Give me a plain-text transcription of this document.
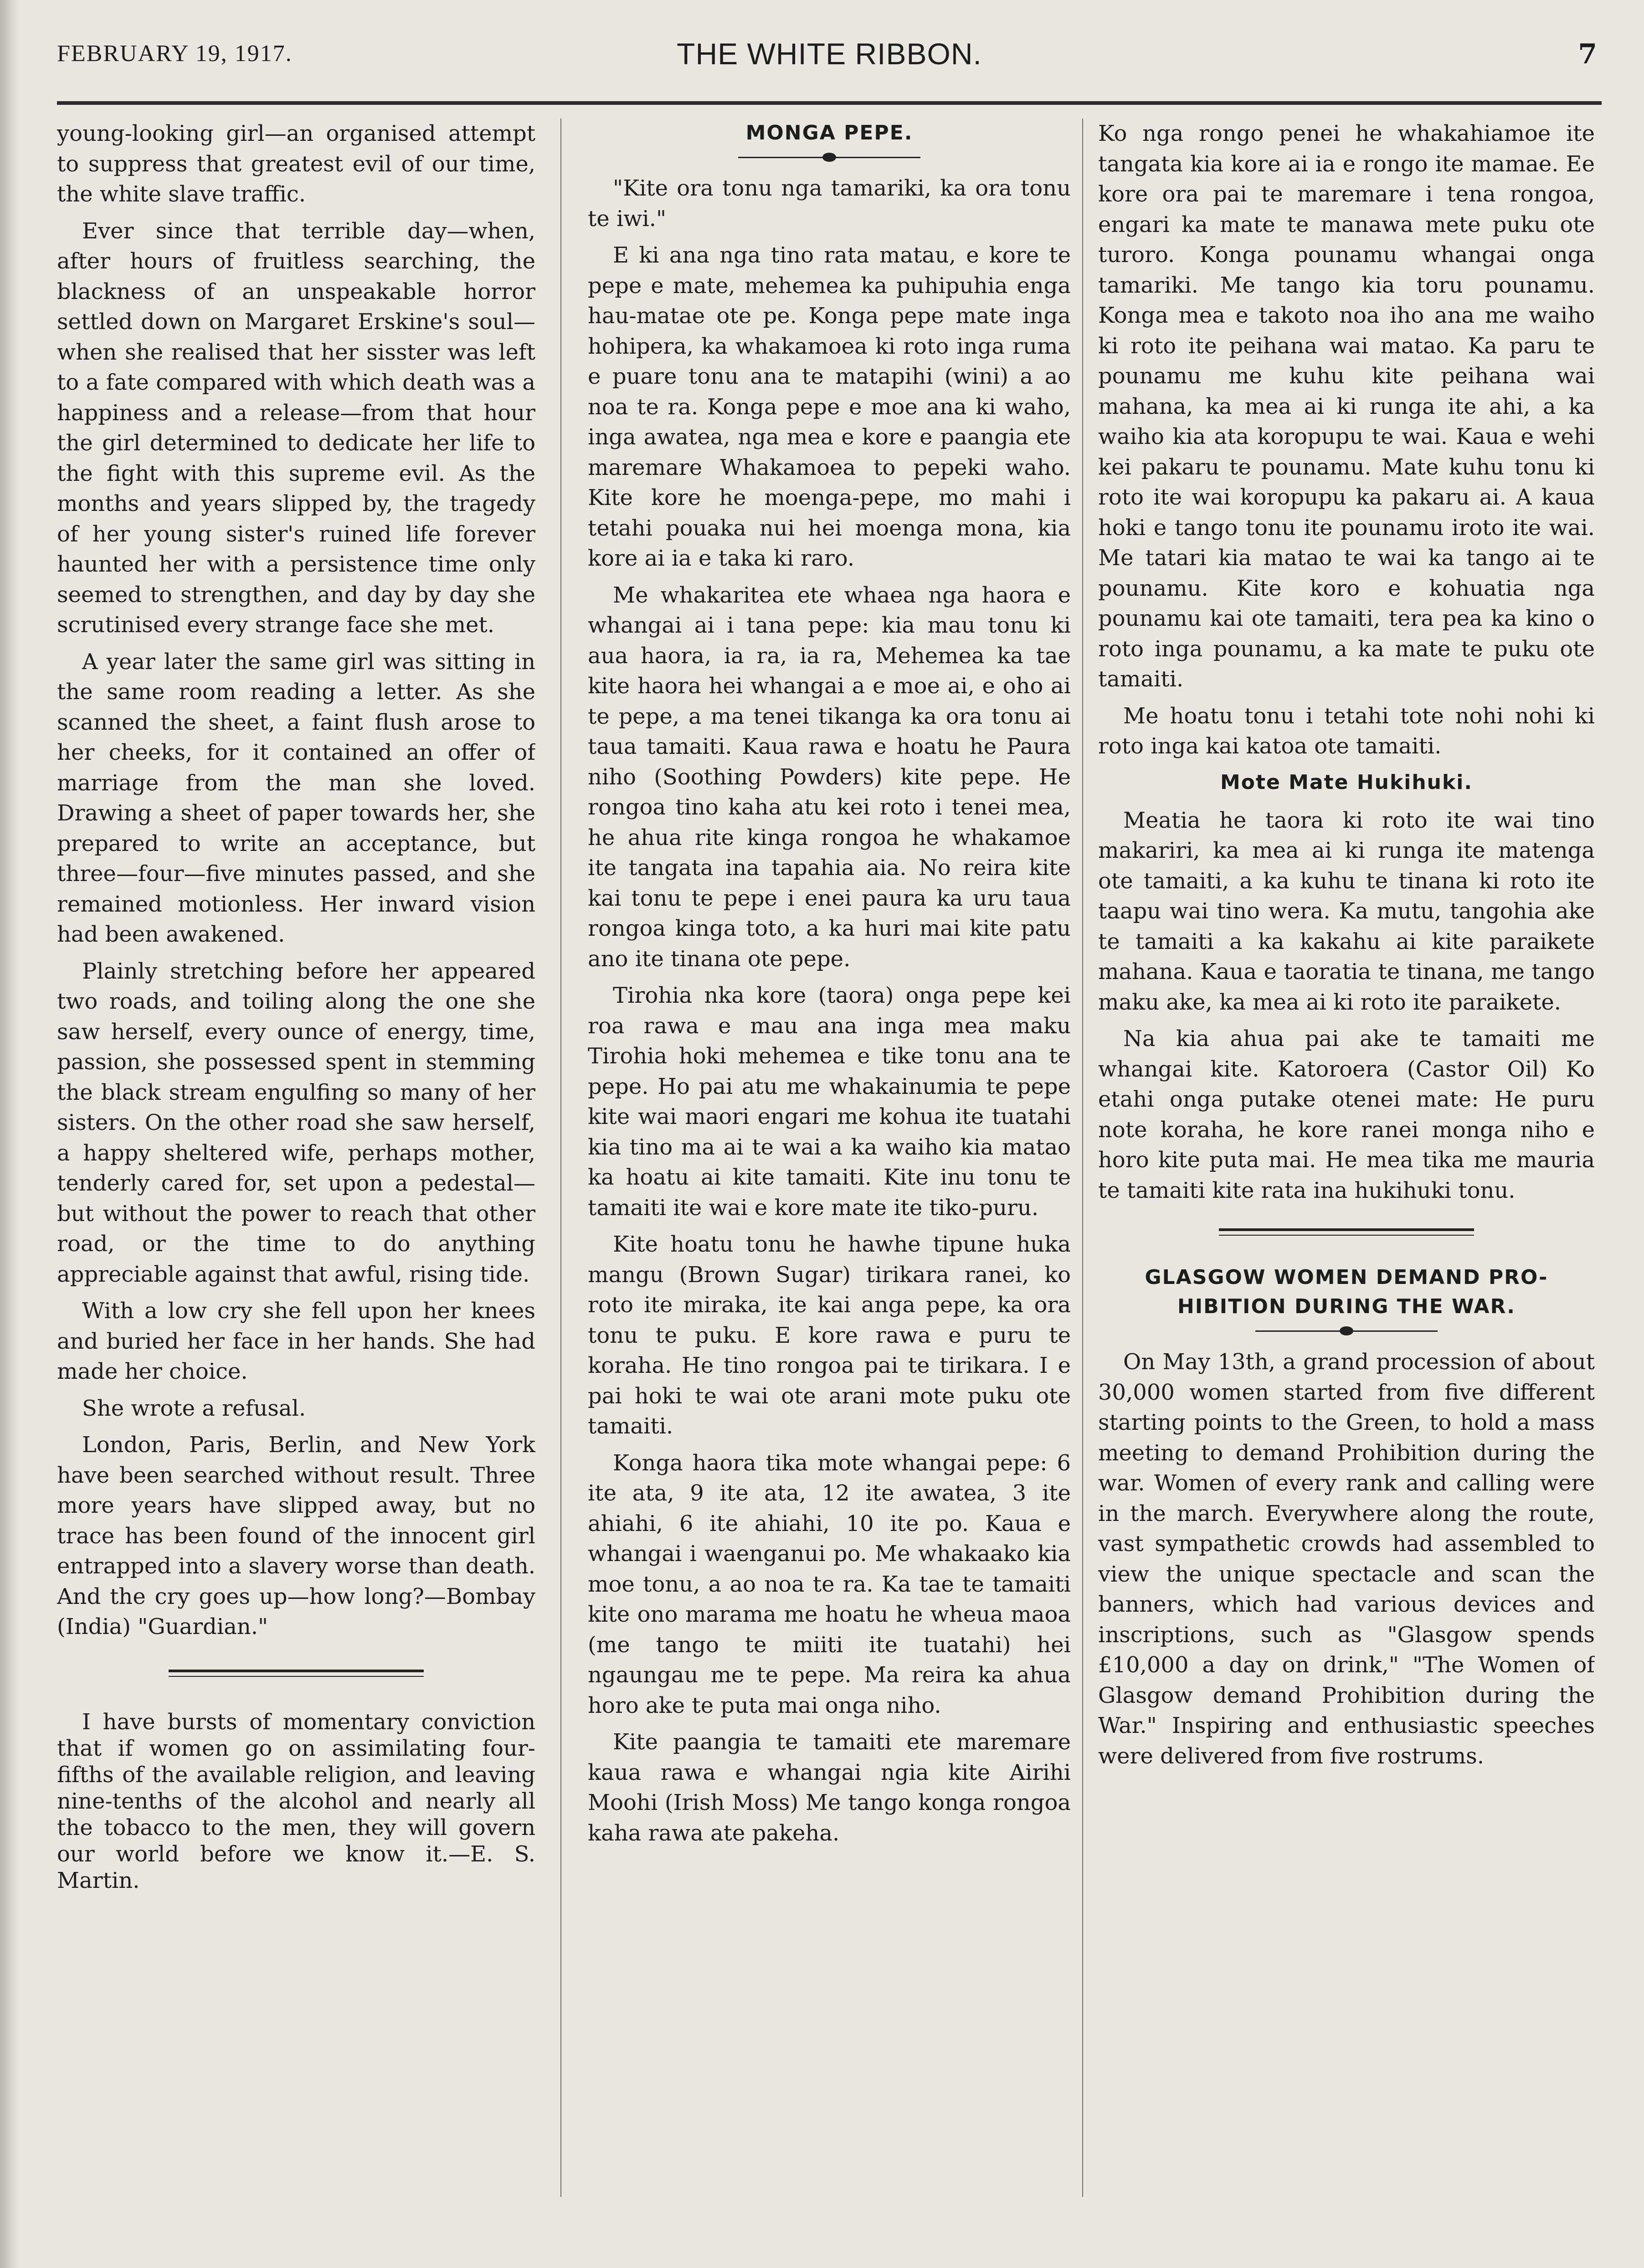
FEBRUARY 19, 1917.	THE WHITE RIBBON.	7

young-looking girl—an organised attempt to suppress that greatest evil of our time, the white slave traffic.

Ever since that terrible day—when, after hours of fruitless searching, the blackness of an unspeakable horror settled down on Margaret Erskine's soul—when she realised that her sisster was left to a fate compared with which death was a happiness and a release—from that hour the girl determined to dedicate her life to the fight with this supreme evil. As the months and years slipped by, the tragedy of her young sister's ruined life forever haunted her with a persistence time only seemed to strengthen, and day by day she scrutinised every strange face she met.

A year later the same girl was sitting in the same room reading a letter. As she scanned the sheet, a faint flush arose to her cheeks, for it contained an offer of marriage from the man she loved. Drawing a sheet of paper towards her, she prepared to write an acceptance, but three—four—five minutes passed, and she remained motionless. Her inward vision had been awakened.

Plainly stretching before her appeared two roads, and toiling along the one she saw herself, every ounce of energy, time, passion, she possessed spent in stemming the black stream engulfing so many of her sisters. On the other road she saw herself, a happy sheltered wife, perhaps mother, tenderly cared for, set upon a pedestal—but without the power to reach that other road, or the time to do anything appreciable against that awful, rising tide.

With a low cry she fell upon her knees and buried her face in her hands. She had made her choice.

She wrote a refusal.

London, Paris, Berlin, and New York have been searched without result. Three more years have slipped away, but no trace has been found of the innocent girl entrapped into a slavery worse than death. And the cry goes up—how long?—Bombay (India) "Guardian."

I have bursts of momentary conviction that if women go on assimilating four-fifths of the available religion, and leaving nine-tenths of the alcohol and nearly all the tobacco to the men, they will govern our world before we know it.—E. S. Martin.

MONGA PEPE.

"Kite ora tonu nga tamariki, ka ora tonu te iwi."

E ki ana nga tino rata matau, e kore te pepe e mate, mehemea ka puhipuhia enga hau-matae ote pe. Konga pepe mate inga hohipera, ka whakamoea ki roto inga ruma e puare tonu ana te matapihi (wini) a ao noa te ra. Konga pepe e moe ana ki waho, inga awatea, nga mea e kore e paangia ete maremare Whakamoea to pepeki waho. Kite kore he moenga-pepe, mo mahi i tetahi pouaka nui hei moenga mona, kia kore ai ia e taka ki raro.

Me whakaritea ete whaea nga haora e whangai ai i tana pepe: kia mau tonu ki aua haora, ia ra, ia ra, Mehemea ka tae kite haora hei whangai a e moe ai, e oho ai te pepe, a ma tenei tikanga ka ora tonu ai taua tamaiti. Kaua rawa e hoatu he Paura niho (Soothing Powders) kite pepe. He rongoa tino kaha atu kei roto i tenei mea, he ahua rite kinga rongoa he whakamoe ite tangata ina tapahia aia. No reira kite kai tonu te pepe i enei paura ka uru taua rongoa kinga toto, a ka huri mai kite patu ano ite tinana ote pepe.

Tirohia nka kore (taora) onga pepe kei roa rawa e mau ana inga mea maku Tirohia hoki mehemea e tike tonu ana te pepe. Ho pai atu me whakainumia te pepe kite wai maori engari me kohua ite tuatahi kia tino ma ai te wai a ka waiho kia matao ka hoatu ai kite tamaiti. Kite inu tonu te tamaiti ite wai e kore mate ite tiko-puru.

Kite hoatu tonu he hawhe tipune huka mangu (Brown Sugar) tirikara ranei, ko roto ite miraka, ite kai anga pepe, ka ora tonu te puku. E kore rawa e puru te koraha. He tino rongoa pai te tirikara. I e pai hoki te wai ote arani mote puku ote tamaiti.

Konga haora tika mote whangai pepe: 6 ite ata, 9 ite ata, 12 ite awatea, 3 ite ahiahi, 6 ite ahiahi, 10 ite po. Kaua e whangai i waenganui po. Me whakaako kia moe tonu, a ao noa te ra. Ka tae te tamaiti kite ono marama me hoatu he wheua maoa (me tango te miiti ite tuatahi) hei ngaungau me te pepe. Ma reira ka ahua horo ake te puta mai onga niho.

Kite paangia te tamaiti ete maremare kaua rawa e whangai ngia kite Airihi Moohi (Irish Moss) Me tango konga rongoa kaha rawa ate pakeha.

Ko nga rongo penei he whakahiamoe ite tangata kia kore ai ia e rongo ite mamae. Ee kore ora pai te maremare i tena rongoa, engari ka mate te manawa mete puku ote turoro. Konga pounamu whangai onga tamariki. Me tango kia toru pounamu. Konga mea e takoto noa iho ana me waiho ki roto ite peihana wai matao. Ka paru te pounamu me kuhu kite peihana wai mahana, ka mea ai ki runga ite ahi, a ka waiho kia ata koropupu te wai. Kaua e wehi kei pakaru te pounamu. Mate kuhu tonu ki roto ite wai koropupu ka pakaru ai. A kaua hoki e tango tonu ite pounamu iroto ite wai. Me tatari kia matao te wai ka tango ai te pounamu. Kite koro e kohuatia nga pounamu kai ote tamaiti, tera pea ka kino o roto inga pounamu, a ka mate te puku ote tamaiti.

Me hoatu tonu i tetahi tote nohi nohi ki roto inga kai katoa ote tamaiti.

Mote Mate Hukihuki.

Meatia he taora ki roto ite wai tino makariri, ka mea ai ki runga ite matenga ote tamaiti, a ka kuhu te tinana ki roto ite taapu wai tino wera. Ka mutu, tangohia ake te tamaiti a ka kakahu ai kite paraikete mahana. Kaua e taoratia te tinana, me tango maku ake, ka mea ai ki roto ite paraikete.

Na kia ahua pai ake te tamaiti me whangai kite. Katoroera (Castor Oil) Ko etahi onga putake otenei mate: He puru note koraha, he kore ranei monga niho e horo kite puta mai. He mea tika me mauria te tamaiti kite rata ina hukihuki tonu.

GLASGOW WOMEN DEMAND PRO-
HIBITION DURING THE WAR.

On May 13th, a grand procession of about 30,000 women started from five different starting points to the Green, to hold a mass meeting to demand Prohibition during the war. Women of every rank and calling were in the march. Everywhere along the route, vast sympathetic crowds had assembled to view the unique spectacle and scan the banners, which had various devices and inscriptions, such as "Glasgow spends £10,000 a day on drink," "The Women of Glasgow demand Prohibition during the War." Inspiring and enthusiastic speeches were delivered from five rostrums.
